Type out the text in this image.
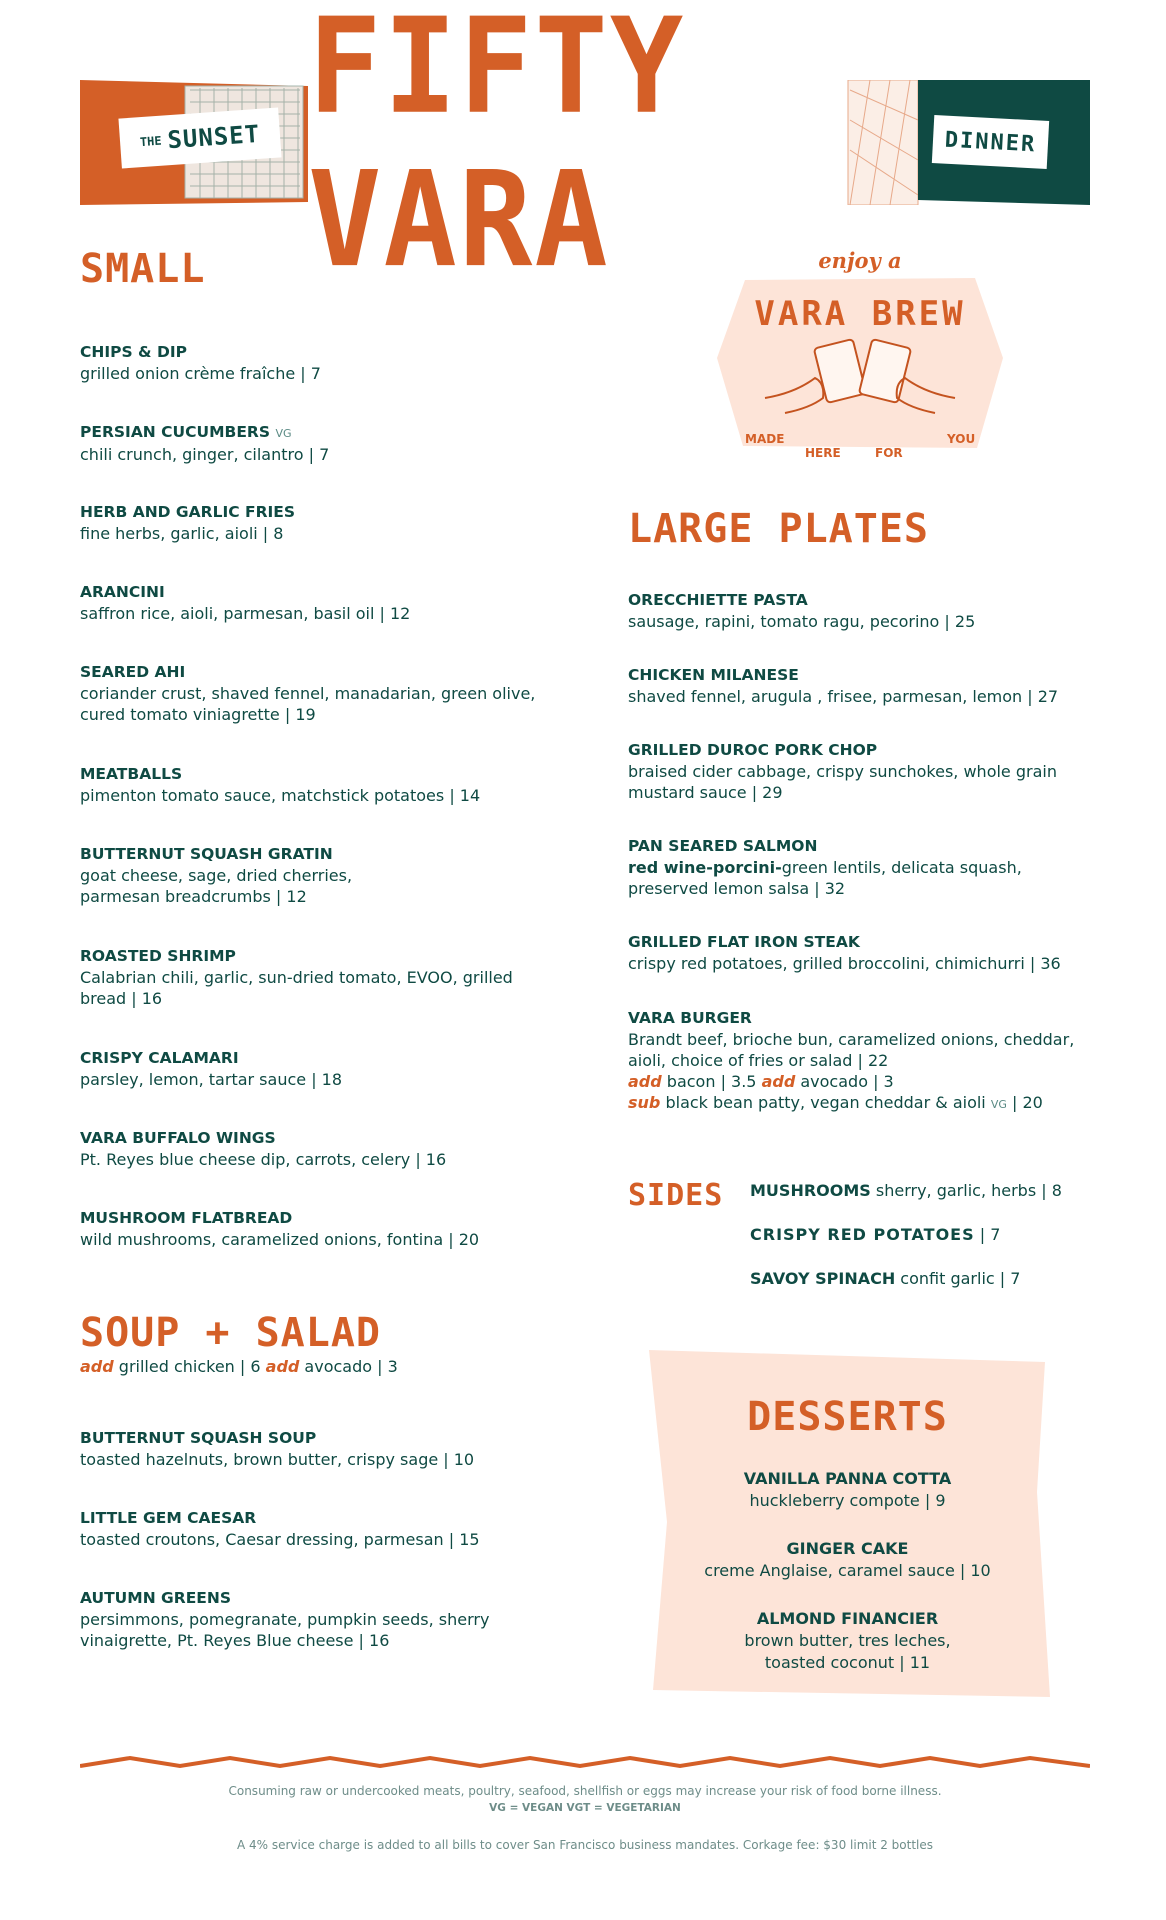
THE SUNSET FIFTY VARA
DINNER
SMALL
CHIPS & DIP
grilled onion crème fraîche | 7
PERSIAN CUCUMBERS VG
chili crunch, ginger, cilantro | 7
HERB AND GARLIC FRIES
fine herbs, garlic, aioli | 8
ARANCINI
saffron rice, aioli, parmesan, basil oil | 12
SEARED AHI
coriander crust, shaved fennel, manadarian, green olive, cured tomato viniagrette | 19
MEATBALLS
pimenton tomato sauce, matchstick potatoes | 14
BUTTERNUT SQUASH GRATIN
goat cheese, sage, dried cherries, parmesan breadcrumbs | 12
ROASTED SHRIMP
Calabrian chili, garlic, sun-dried tomato, EVOO, grilled bread | 16
CRISPY CALAMARI
parsley, lemon, tartar sauce | 18
VARA BUFFALO WINGS
Pt. Reyes blue cheese dip, carrots, celery | 16
MUSHROOM FLATBREAD
wild mushrooms, caramelized onions, fontina | 20
SOUP + SALAD
add grilled chicken | 6 add avocado | 3
BUTTERNUT SQUASH SOUP
toasted hazelnuts, brown butter, crispy sage | 10
LITTLE GEM CAESAR
toasted croutons, Caesar dressing, parmesan | 15
AUTUMN GREENS
persimmons, pomegranate, pumpkin seeds, sherry vinaigrette, Pt. Reyes Blue cheese | 16
enjoy a
VARA BREW
MADE
HERE	FOR
YOU
LARGE PLATES
ORECCHIETTE PASTA
sausage, rapini, tomato ragu, pecorino | 25
CHICKEN MILANESE
shaved fennel, arugula , frisee, parmesan, lemon | 27
GRILLED DUROC PORK CHOP
braised cider cabbage, crispy sunchokes, whole grain mustard sauce | 29
PAN SEARED SALMON
red wine-porcini-green lentils, delicata squash, preserved lemon salsa | 32
GRILLED FLAT IRON STEAK
crispy red potatoes, grilled broccolini, chimichurri | 36
VARA BURGER
Brandt beef, brioche bun, caramelized onions, cheddar, aioli, choice of fries or salad | 22
add bacon | 3.5 add avocado | 3
sub black bean patty, vegan cheddar & aioli VG | 20
SIDES MUSHROOMS sherry, garlic, herbs | 8
CRISPY RED POTATOES | 7
SAVOY SPINACH confit garlic | 7
DESSERTS
VANILLA PANNA COTTA
huckleberry compote | 9
GINGER CAKE
creme Anglaise, caramel sauce | 10
ALMOND FINANCIER
brown butter, tres leches,
toasted coconut | 11
Consuming raw or undercooked meats, poultry, seafood, shellfish or eggs may increase your risk of food borne illness.
VG = VEGAN VGT = VEGETARIAN
A 4% service charge is added to all bills to cover San Francisco business mandates. Corkage fee: $30 limit 2 bottles
